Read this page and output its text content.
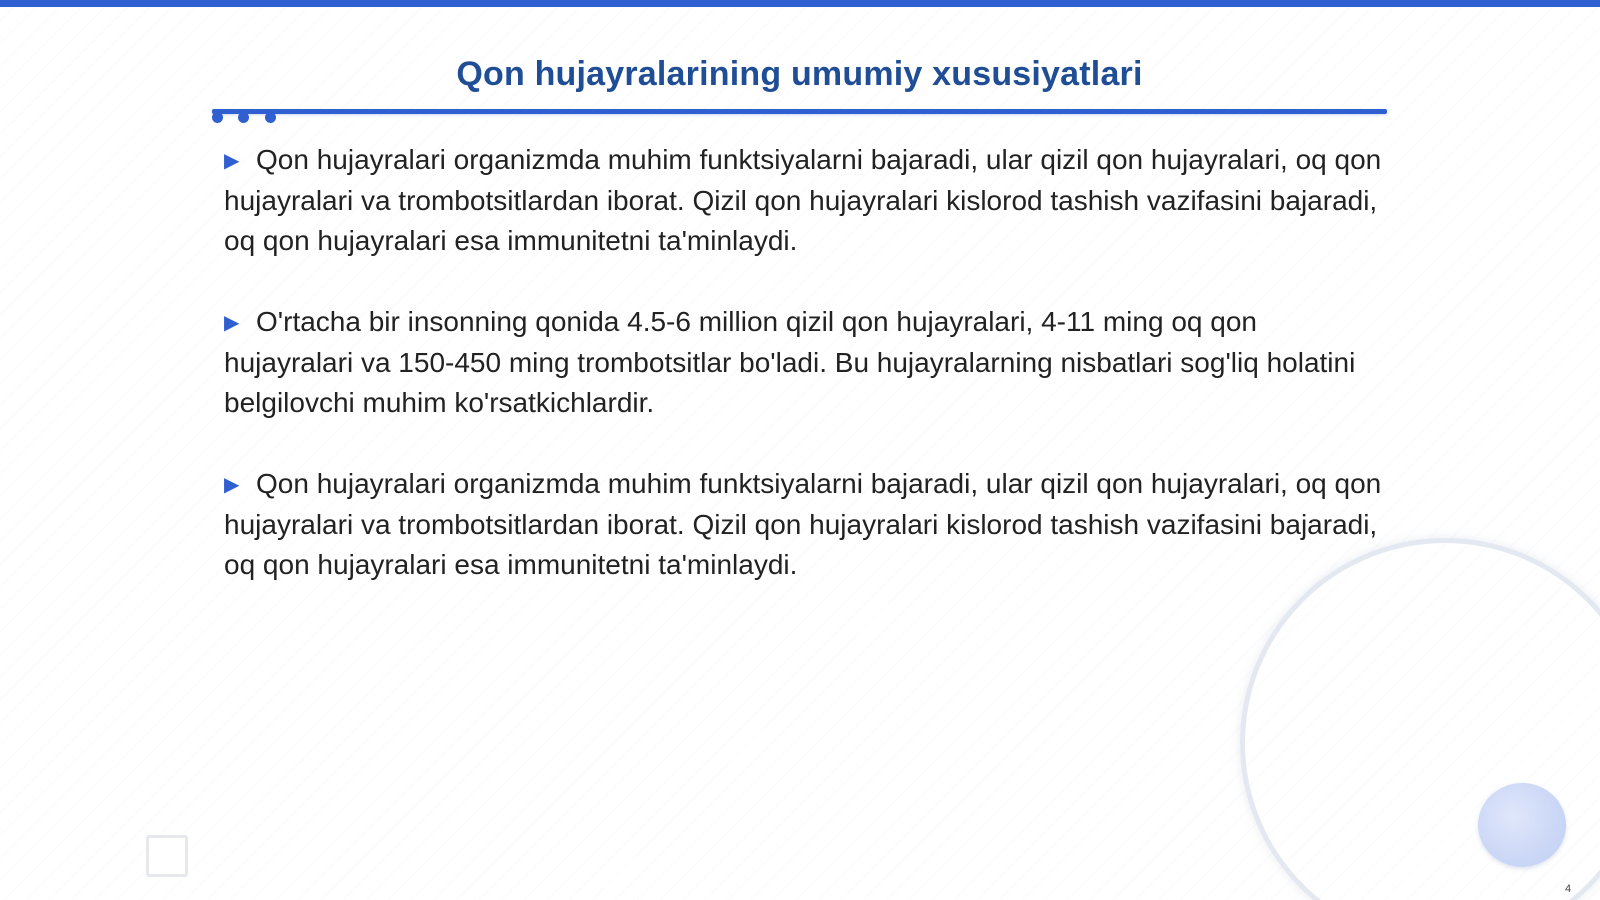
Qon hujayralarining umumiy xususiyatlari

▶ Qon hujayralari organizmda muhim funktsiyalarni bajaradi, ular qizil qon hujayralari, oq qon hujayralari va trombotsitlardan iborat. Qizil qon hujayralari kislorod tashish vazifasini bajaradi, oq qon hujayralari esa immunitetni ta'minlaydi.

▶ O'rtacha bir insonning qonida 4.5-6 million qizil qon hujayralari, 4-11 ming oq qon hujayralari va 150-450 ming trombotsitlar bo'ladi. Bu hujayralarning nisbatlari sog'liq holatini belgilovchi muhim ko'rsatkichlardir.

▶ Qon hujayralari organizmda muhim funktsiyalarni bajaradi, ular qizil qon hujayralari, oq qon hujayralari va trombotsitlardan iborat. Qizil qon hujayralari kislorod tashish vazifasini bajaradi, oq qon hujayralari esa immunitetni ta'minlaydi.

4
